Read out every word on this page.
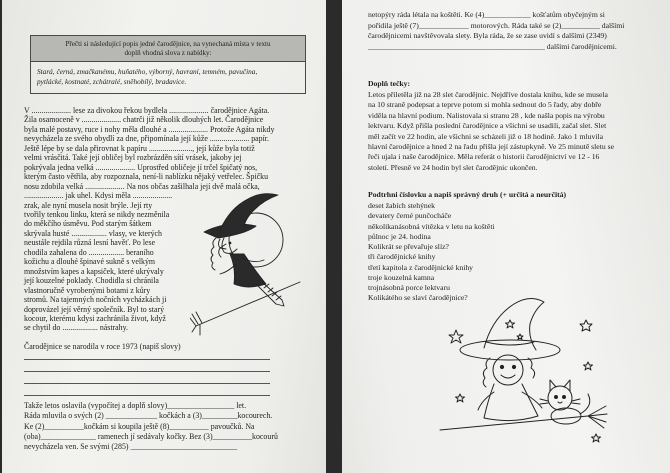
Přečti si následující popis jedné čarodějnice, na vynechaná místa v textu
doplň vhodná slova z nabídky:
Stará, černá, zmačkanému, huňatého, výborný, havraní, temném, pavučina,
pytlácké, kostnaté, zchátralé, sněhobílý, bradavice.
V .................... lese za divokou řekou bydlela .................... čarodějnice Agáta.
Žila osamoceně v .................... chatrči již několik dlouhých let. Čarodějnice
byla malé postavy, ruce i nohy měla dlouhé a .................... Protože Agáta nikdy
nevycházela ze svého obydlí za dne, připomínala její kůže .................... papír.
Ještě lépe by se dala přirovnat k papíru ......................, její kůže byla totiž
velmi vrásčitá. Také její obličej byl rozbrázděn sítí vrásek, jakoby jej
pokrývala jedna velká .................... Uprostřed obličeje jí trčel špičatý nos,
kterým často větřila, aby rozpoznala, není-li nablízku nějaký vetřelec. Špičku
nosu zdobila velká .................... Na nos občas zašilhala její dvě malá očka,
.................... jak uhel. Kdysi měla ....................
zrak, ale nyní musela nosit brýle. Její rty
tvořily tenkou linku, která se nikdy nezměnila
do měkčího úsměvu. Pod starým šátkem
skrývala husté .................. vlasy, ve kterých
neustále rejdila různá lesní havěť. Po lese
chodila zahalena do .................. beraního
kožichu a dlouhé špinavé sukně s velkým
množstvím kapes a kapsiček, které ukrývaly
její kouzelné poklady. Chodidla si chránila
vlastnoručně vyrobenými botami z kůry
stromů. Na tajemných nočních vycházkách ji
doprovázel její věrný společník. Byl to starý
kocour, kterému kdysi zachránila život, když
se chytil do .................. nástrahy.
Čarodějnice se narodila v roce 1973 (napiš slovy)
Takže letos oslavila (vypočítej a doplň slovy)_________________ let.
Ráda mluvila o svých (2) _____________ kočkách a (3)_________kocourech.
Ke (2)__________kočkám si koupila ještě (8)__________ pavoučků. Na
(oba)______________ ramenech jí sedávaly kočky. Bez (3)__________kocourů
nevycházela ven. Se svými (285) ___________________________
netopýry ráda létala na koštěti. Ke (4)____________ košťatům obyčejným si
pořídila ještě (7)_____________ motorových. Ráda také se (2)__________ dalšími
čarodějnicemi navštěvovala slety. Byla ráda, že se zase uvidí s dalšími (2349)
______________________________________________ dalšími čarodějnicemi.
Doplň tečky:
Letos přiletěla již na 28 slet čarodějnic. Nejdříve dostala knihu, kde se musela
na 10 straně podepsat a teprve potom si mohla sednout do 5 řady, aby dobře
viděla na hlavní podium. Nalistovala si stranu 28 , kde našla popis na výrobu
lektvaru. Když přišla poslední čarodějnice a všichni se usadili, začal slet. Slet
měl začít ve 22 hodin, ale všichni se scházeli již o 18 hodině. Jako 1 mluvila
hlavní čarodějnice a hned 2 na řadu přišla její zástupkyně. Ve 25 minutě sletu se
řeči ujala i naše čarodějnice. Měla referát o historii čarodějnictví ve 12 - 16
století. Přesně ve 24 hodin byl slet čarodějnic ukončen.
Podtrhni číslovku a napiš správný druh (+ určitá a neurčitá)
deset žabích stehýnek
devatery černé punčocháče
několikanásobná vítězka v letu na koštěti
půlnoc je 24. hodina
Kolikrát se převařuje slíz?
tři čarodějnické knihy
třetí kapitola z čarodějnické knihy
troje kouzelná kamna
trojnásobná porce lektvaru
Kolikátého se slaví čarodějnice?
